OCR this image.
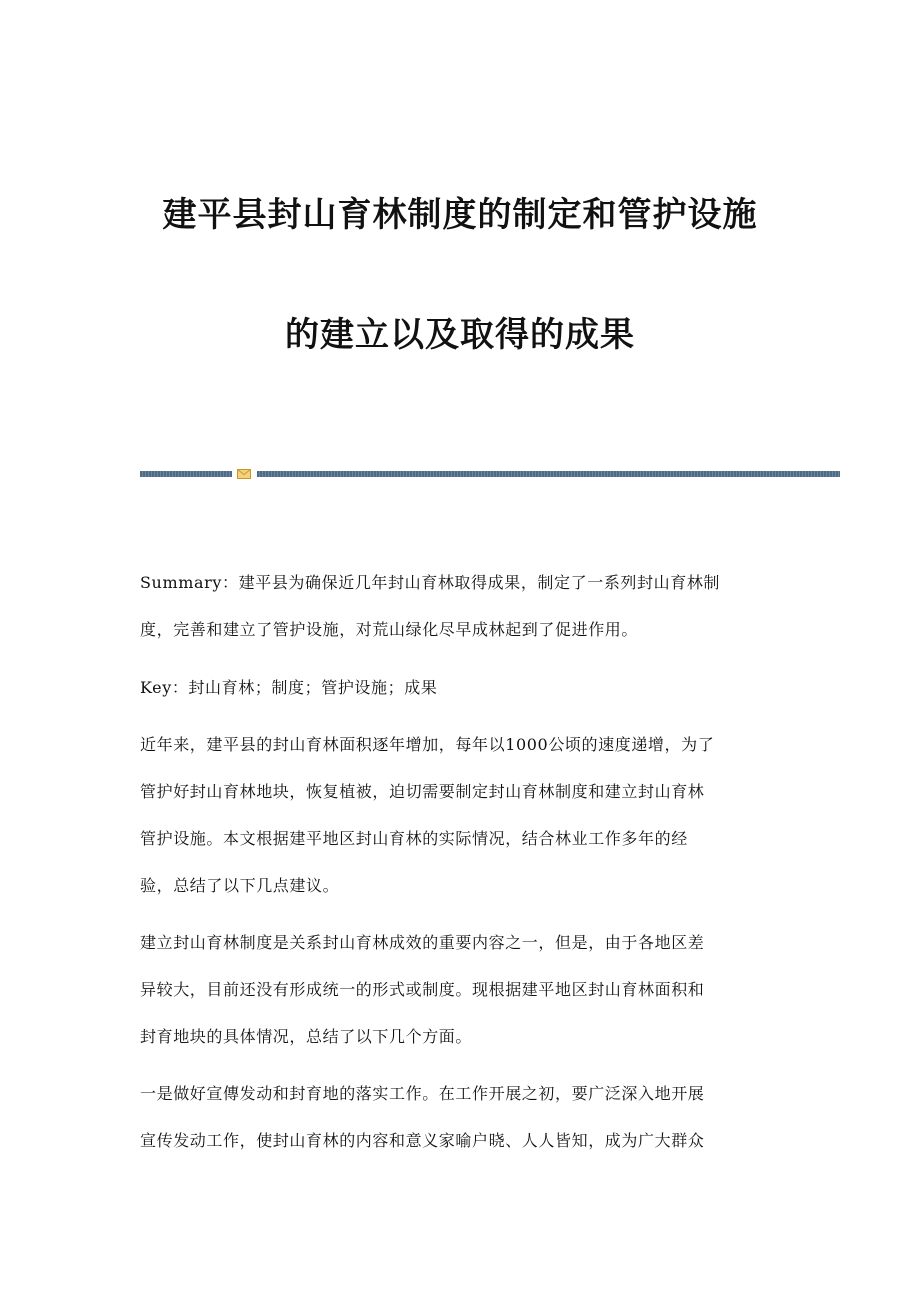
建平县封山育林制度的制定和管护设施
的建立以及取得的成果
Summary：建平县为确保近几年封山育林取得成果，制定了一系列封山育林制
度，完善和建立了管护设施，对荒山绿化尽早成林起到了促进作用。
Key：封山育林；制度；管护设施；成果
近年来，建平县的封山育林面积逐年增加，每年以1000公顷的速度递增，为了
管护好封山育林地块，恢复植被，迫切需要制定封山育林制度和建立封山育林
管护设施。本文根据建平地区封山育林的实际情况，结合林业工作多年的经
验，总结了以下几点建议。
建立封山育林制度是关系封山育林成效的重要内容之一，但是，由于各地区差
异较大，目前还没有形成统一的形式或制度。现根据建平地区封山育林面积和
封育地块的具体情况，总结了以下几个方面。
一是做好宣傳发动和封育地的落实工作。在工作开展之初，要广泛深入地开展
宣传发动工作，使封山育林的内容和意义家喻户晓、人人皆知，成为广大群众
